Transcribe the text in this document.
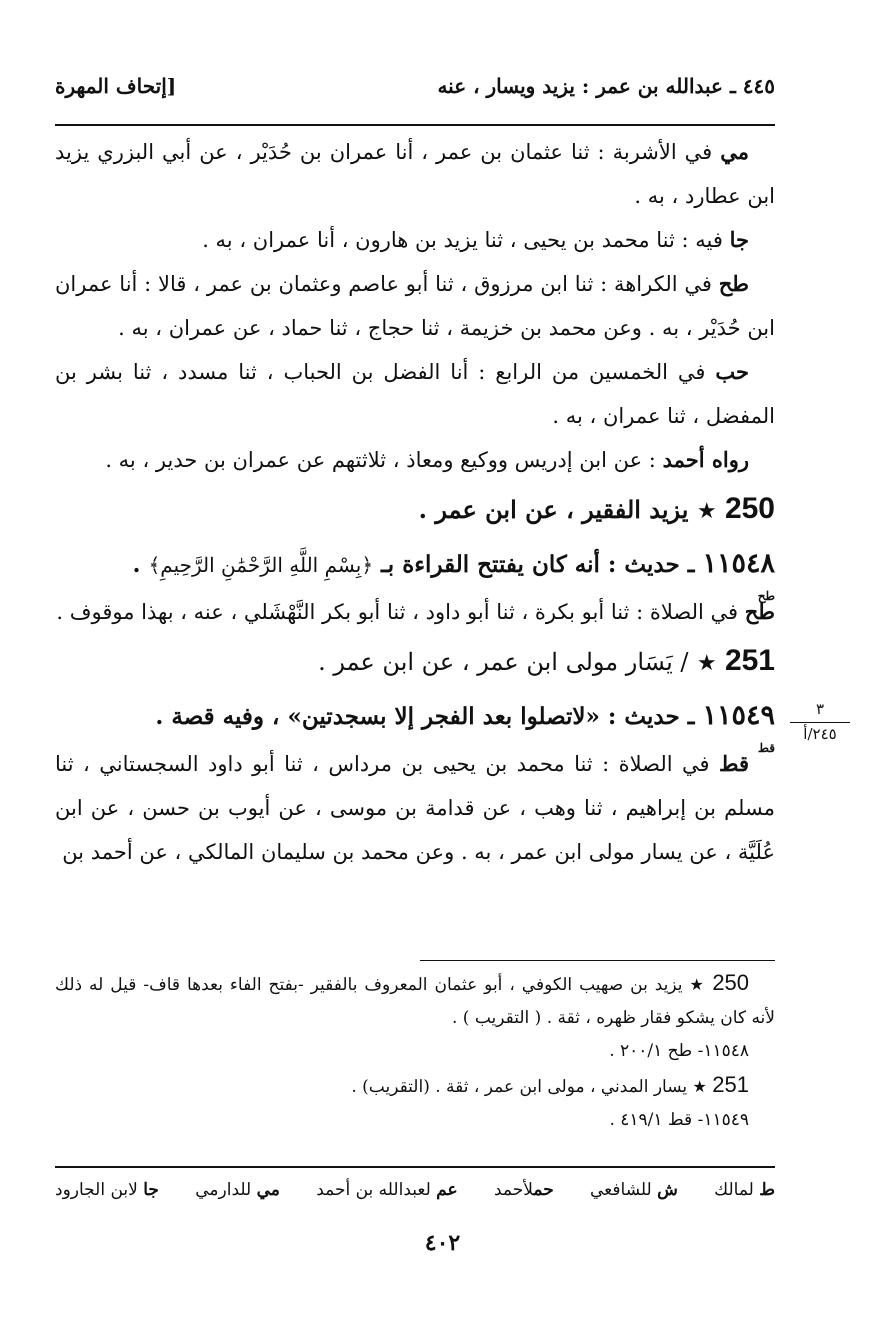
٤٤٥ ـ عبدالله بن عمر : يزيد ويسار ، عنه
[إتحاف المهرة

مي في الأشربة : ثنا عثمان بن عمر ، أنا عمران بن حُدَيْر ، عن أبي البزري يزيد ابن عطارد ، به .

جا فيه : ثنا محمد بن يحيى ، ثنا يزيد بن هارون ، أنا عمران ، به .

طح في الكراهة : ثنا ابن مرزوق ، ثنا أبو عاصم وعثمان بن عمر ، قالا : أنا عمران ابن حُدَيْر ، به . وعن محمد بن خزيمة ، ثنا حجاج ، ثنا حماد ، عن عمران ، به .

حب في الخمسين من الرابع : أنا الفضل بن الحباب ، ثنا مسدد ، ثنا بشر بن المفضل ، ثنا عمران ، به .

رواه أحمد : عن ابن إدريس ووكيع ومعاذ ، ثلاثتهم عن عمران بن حدير ، به .

250 ★ يزيد الفقير ، عن ابن عمر .

١١٥٤٨
طح
ـ حديث : أنه كان يفتتح القراءة بـ ﴿بِسْمِ اللَّهِ الرَّحْمَٰنِ الرَّحِيمِ﴾ .

طح في الصلاة : ثنا أبو بكرة ، ثنا أبو داود ، ثنا أبو بكر النَّهْشَلي ، عنه ، بهذا موقوف .

251 ★ / يَسَار مولى ابن عمر ، عن ابن عمر .

١١٥٤٩
قط
ـ حديث : «لاتصلوا بعد الفجر إلا بسجدتين» ، وفيه قصة .

قط في الصلاة : ثنا محمد بن يحيى بن مرداس ، ثنا أبو داود السجستاني ، ثنا مسلم بن إبراهيم ، ثنا وهب ، عن قدامة بن موسى ، عن أيوب بن حسن ، عن ابن عُلَيَّة ، عن يسار مولى ابن عمر ، به . وعن محمد بن سليمان المالكي ، عن أحمد بن

٣
٢٤٥/أ

250 ★ يزيد بن صهيب الكوفي ، أبو عثمان المعروف بالفقير -بفتح الفاء بعدها قاف- قيل له ذلك لأنه كان يشكو فقار ظهره ، ثقة . ( التقريب ) .

١١٥٤٨- طح ٢٠٠/١ .

251 ★ يسار المدني ، مولى ابن عمر ، ثقة . (التقريب) .

١١٥٤٩- قط ٤١٩/١ .

ط لمالك
ش للشافعي
حملأحمد
عم لعبدالله بن أحمد
مي للدارمي
جا لابن الجارود
٤٠٢
